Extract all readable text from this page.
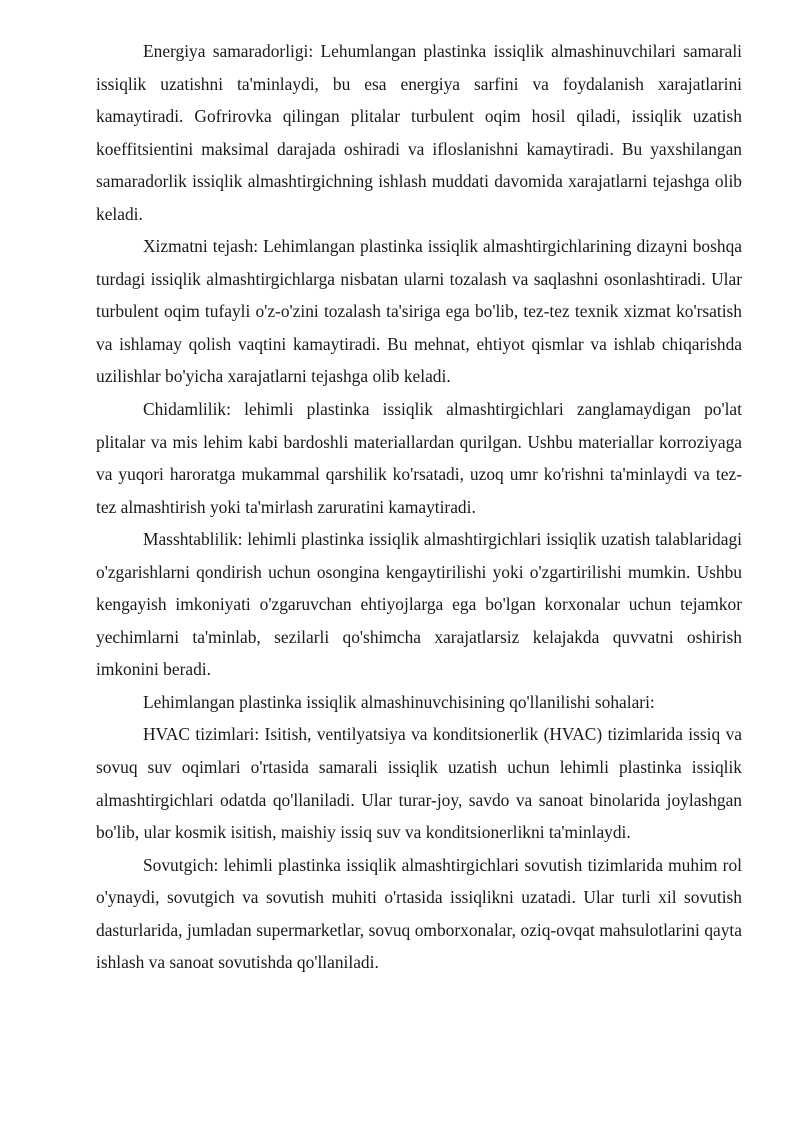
Energiya samaradorligi: Lehumlangan plastinka issiqlik almashinuvchilari samarali issiqlik uzatishni ta'minlaydi, bu esa energiya sarfini va foydalanish xarajatlarini kamaytiradi. Gofrirovka qilingan plitalar turbulent oqim hosil qiladi, issiqlik uzatish koeffitsientini maksimal darajada oshiradi va ifloslanishni kamaytiradi. Bu yaxshilangan samaradorlik issiqlik almashtirgichning ishlash muddati davomida xarajatlarni tejashga olib keladi.

Xizmatni tejash: Lehimlangan plastinka issiqlik almashtirgichlarining dizayni boshqa turdagi issiqlik almashtirgichlarga nisbatan ularni tozalash va saqlashni osonlashtiradi. Ular turbulent oqim tufayli o'z-o'zini tozalash ta'siriga ega bo'lib, tez-tez texnik xizmat ko'rsatish va ishlamay qolish vaqtini kamaytiradi. Bu mehnat, ehtiyot qismlar va ishlab chiqarishda uzilishlar bo'yicha xarajatlarni tejashga olib keladi.

Chidamlilik: lehimli plastinka issiqlik almashtirgichlari zanglamaydigan po'lat plitalar va mis lehim kabi bardoshli materiallardan qurilgan. Ushbu materiallar korroziyaga va yuqori haroratga mukammal qarshilik ko'rsatadi, uzoq umr ko'rishni ta'minlaydi va tez-tez almashtirish yoki ta'mirlash zaruratini kamaytiradi.

Masshtablilik: lehimli plastinka issiqlik almashtirgichlari issiqlik uzatish talablaridagi o'zgarishlarni qondirish uchun osongina kengaytirilishi yoki o'zgartirilishi mumkin. Ushbu kengayish imkoniyati o'zgaruvchan ehtiyojlarga ega bo'lgan korxonalar uchun tejamkor yechimlarni ta'minlab, sezilarli qo'shimcha xarajatlarsiz kelajakda quvvatni oshirish imkonini beradi.

Lehimlangan plastinka issiqlik almashinuvchisining qo'llanilishi sohalari:

HVAC tizimlari: Isitish, ventilyatsiya va konditsionerlik (HVAC) tizimlarida issiq va sovuq suv oqimlari o'rtasida samarali issiqlik uzatish uchun lehimli plastinka issiqlik almashtirgichlari odatda qo'llaniladi. Ular turar-joy, savdo va sanoat binolarida joylashgan bo'lib, ular kosmik isitish, maishiy issiq suv va konditsionerlikni ta'minlaydi.

Sovutgich: lehimli plastinka issiqlik almashtirgichlari sovutish tizimlarida muhim rol o'ynaydi, sovutgich va sovutish muhiti o'rtasida issiqlikni uzatadi. Ular turli xil sovutish dasturlarida, jumladan supermarketlar, sovuq omborxonalar, oziq-ovqat mahsulotlarini qayta ishlash va sanoat sovutishda qo'llaniladi.
